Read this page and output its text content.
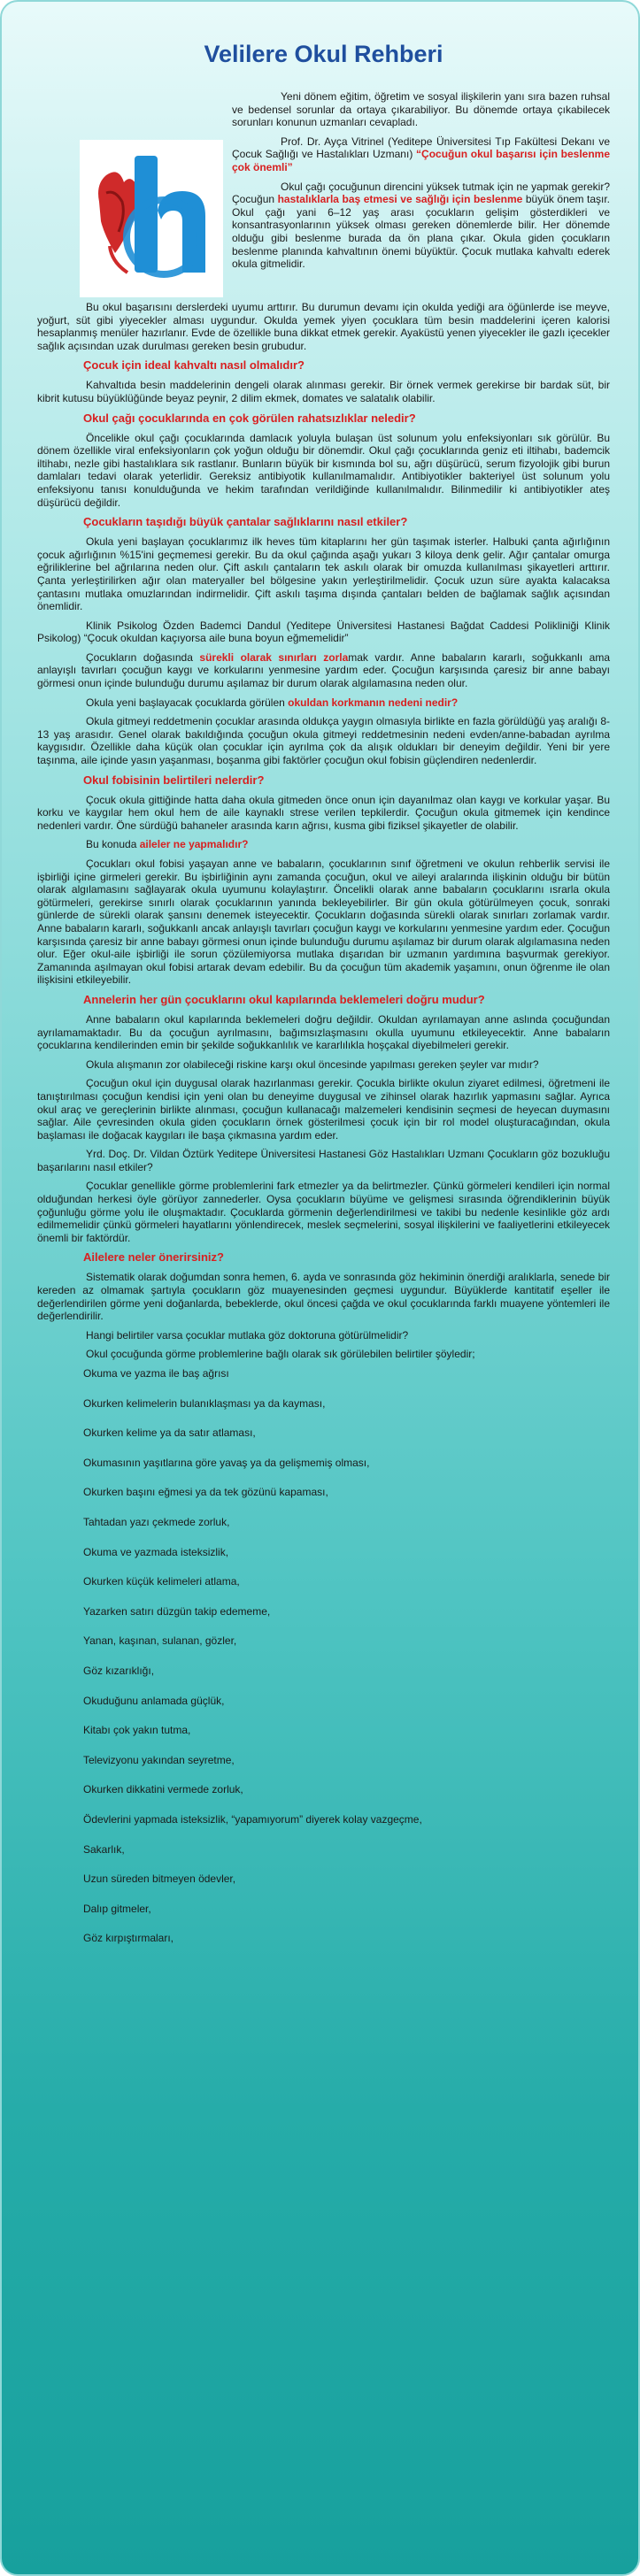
Velilere Okul Rehberi

Yeni dönem eğitim, öğretim ve sosyal ilişkilerin yanı sıra bazen ruhsal ve bedensel sorunlar da ortaya çıkarabiliyor. Bu dönemde ortaya çıkabilecek sorunları konunun uzmanları cevapladı.

Prof. Dr. Ayça Vitrinel (Yeditepe Üniversitesi Tıp Fakültesi Dekanı ve Çocuk Sağlığı ve Hastalıkları Uzmanı) “Çocuğun okul başarısı için beslenme çok önemli”

Okul çağı çocuğunun direncini yüksek tutmak için ne yapmak gerekir? Çocuğun hastalıklarla baş etmesi ve sağlığı için beslenme büyük önem taşır. Okul çağı yani 6–12 yaş arası çocukların gelişim gösterdikleri ve konsantrasyonlarının yüksek olması gereken dönemlerde bilir. Her dönemde olduğu gibi beslenme burada da ön plana çıkar. Okula giden çocukların beslenme planında kahvaltının önemi büyüktür. Çocuk mutlaka kahvaltı ederek okula gitmelidir.

Bu okul başarısını derslerdeki uyumu arttırır. Bu durumun devamı için okulda yediği ara öğünlerde ise meyve, yoğurt, süt gibi yiyecekler alması uygundur. Okulda yemek yiyen çocuklara tüm besin maddelerini içeren kalorisi hesaplanmış menüler hazırlanır. Evde de özellikle buna dikkat etmek gerekir. Ayaküstü yenen yiyecekler ile gazlı içecekler sağlık açısından uzak durulması gereken besin grubudur.

Çocuk için ideal kahvaltı nasıl olmalıdır?

Kahvaltıda besin maddelerinin dengeli olarak alınması gerekir. Bir örnek vermek gerekirse bir bardak süt, bir kibrit kutusu büyüklüğünde beyaz peynir, 2 dilim ekmek, domates ve salatalık olabilir.

Okul çağı çocuklarında en çok görülen rahatsızlıklar neledir?

Öncelikle okul çağı çocuklarında damlacık yoluyla bulaşan üst solunum yolu enfeksiyonları sık görülür. Bu dönem özellikle viral enfeksiyonların çok yoğun olduğu bir dönemdir. Okul çağı çocuklarında geniz eti iltihabı, bademcik iltihabı, nezle gibi hastalıklara sık rastlanır. Bunların büyük bir kısmında bol su, ağrı düşürücü, serum fizyolojik gibi burun damlaları tedavi olarak yeterlidir. Gereksiz antibiyotik kullanılmamalıdır. Antibiyotikler bakteriyel üst solunum yolu enfeksiyonu tanısı konulduğunda ve hekim tarafından verildiğinde kullanılmalıdır. Bilinmedilir ki antibiyotikler ateş düşürücü değildir.

Çocukların taşıdığı büyük çantalar sağlıklarını nasıl etkiler?

Okula yeni başlayan çocuklarımız ilk heves tüm kitaplarını her gün taşımak isterler. Halbuki çanta ağırlığının çocuk ağırlığının %15'ini geçmemesi gerekir. Bu da okul çağında aşağı yukarı 3 kiloya denk gelir. Ağır çantalar omurga eğriliklerine bel ağrılarına neden olur. Çift askılı çantaların tek askılı olarak bir omuzda kullanılması şikayetleri arttırır. Çanta yerleştirilirken ağır olan materyaller bel bölgesine yakın yerleştirilmelidir. Çocuk uzun süre ayakta kalacaksa çantasını mutlaka omuzlarından indirmelidir. Çift askılı taşıma dışında çantaları belden de bağlamak sağlık açısından önemlidir.

Klinik Psikolog Özden Bademci Dandul (Yeditepe Üniversitesi Hastanesi Bağdat Caddesi Polikliniği Klinik Psikolog) “Çocuk okuldan kaçıyorsa aile buna boyun eğmemelidir”

Çocukların doğasında sürekli olarak sınırları zorlamak vardır. Anne babaların kararlı, soğukkanlı ama anlayışlı tavırları çocuğun kaygı ve korkularını yenmesine yardım eder. Çocuğun karşısında çaresiz bir anne babayı görmesi onun içinde bulunduğu durumu aşılamaz bir durum olarak algılamasına neden olur.

Okula yeni başlayacak çocuklarda görülen okuldan korkmanın nedeni nedir?

Okula gitmeyi reddetmenin çocuklar arasında oldukça yaygın olmasıyla birlikte en fazla görüldüğü yaş aralığı 8-13 yaş arasıdır. Genel olarak bakıldığında çocuğun okula gitmeyi reddetmesinin nedeni evden/anne-babadan ayrılma kaygısıdır. Özellikle daha küçük olan çocuklar için ayrılma çok da alışık oldukları bir deneyim değildir. Yeni bir yere taşınma, aile içinde yasın yaşanması, boşanma gibi faktörler çocuğun okul fobisin güçlendiren nedenlerdir.

Okul fobisinin belirtileri nelerdir?

Çocuk okula gittiğinde hatta daha okula gitmeden önce onun için dayanılmaz olan kaygı ve korkular yaşar. Bu korku ve kaygılar hem okul hem de aile kaynaklı strese verilen tepkilerdir. Çocuğun okula gitmemek için kendince nedenleri vardır. Öne sürdüğü bahaneler arasında karın ağrısı, kusma gibi fiziksel şikayetler de olabilir.

Bu konuda aileler ne yapmalıdır?

Çocukları okul fobisi yaşayan anne ve babaların, çocuklarının sınıf öğretmeni ve okulun rehberlik servisi ile işbirliği içine girmeleri gerekir. Bu işbirliğinin aynı zamanda çocuğun, okul ve aileyi aralarında ilişkinin olduğu bir bütün olarak algılamasını sağlayarak okula uyumunu kolaylaştırır. Öncelikli olarak anne babaların çocuklarını ısrarla okula götürmeleri, gerekirse sınırlı olarak çocuklarının yanında bekleyebilirler. Bir gün okula götürülmeyen çocuk, sonraki günlerde de sürekli olarak şansını denemek isteyecektir. Çocukların doğasında sürekli olarak sınırları zorlamak vardır. Anne babaların kararlı, soğukkanlı ancak anlayışlı tavırları çocuğun kaygı ve korkularını yenmesine yardım eder. Çocuğun karşısında çaresiz bir anne babayı görmesi onun içinde bulunduğu durumu aşılamaz bir durum olarak algılamasına neden olur. Eğer okul-aile işbirliği ile sorun çözülemiyorsa mutlaka dışarıdan bir uzmanın yardımına başvurmak gerekiyor. Zamanında aşılmayan okul fobisi artarak devam edebilir. Bu da çocuğun tüm akademik yaşamını, onun öğrenme ile olan ilişkisini etkileyebilir.

Annelerin her gün çocuklarını okul kapılarında beklemeleri doğru mudur?

Anne babaların okul kapılarında beklemeleri doğru değildir. Okuldan ayrılamayan anne aslında çocuğundan ayrılamamaktadır. Bu da çocuğun ayrılmasını, bağımsızlaşmasını okulla uyumunu etkileyecektir. Anne babaların çocuklarına kendilerinden emin bir şekilde soğukkanlılık ve kararlılıkla hoşçakal diyebilmeleri gerekir.

Okula alışmanın zor olabileceği riskine karşı okul öncesinde yapılması gereken şeyler var mıdır?

Çocuğun okul için duygusal olarak hazırlanması gerekir. Çocukla birlikte okulun ziyaret edilmesi, öğretmeni ile tanıştırılması çocuğun kendisi için yeni olan bu deneyime duygusal ve zihinsel olarak hazırlık yapmasını sağlar. Ayrıca okul araç ve gereçlerinin birlikte alınması, çocuğun kullanacağı malzemeleri kendisinin seçmesi de heyecan duymasını sağlar. Aile çevresinden okula giden çocukların örnek gösterilmesi çocuk için bir rol model oluşturacağından, okula başlaması ile doğacak kaygıları ile başa çıkmasına yardım eder.

Yrd. Doç. Dr. Vildan Öztürk Yeditepe Üniversitesi Hastanesi Göz Hastalıkları Uzmanı Çocukların göz bozukluğu başarılarını nasıl etkiler?

Çocuklar genellikle görme problemlerini fark etmezler ya da belirtmezler. Çünkü görmeleri kendileri için normal olduğundan herkesi öyle görüyor zannederler. Oysa çocukların büyüme ve gelişmesi sırasında öğrendiklerinin büyük çoğunluğu görme yolu ile oluşmaktadır. Çocuklarda görmenin değerlendirilmesi ve takibi bu nedenle kesinlikle göz ardı edilmemelidir çünkü görmeleri hayatlarını yönlendirecek, meslek seçmelerini, sosyal ilişkilerini ve faaliyetlerini etkileyecek önemli bir faktördür.

Ailelere neler önerirsiniz?

Sistematik olarak doğumdan sonra hemen, 6. ayda ve sonrasında göz hekiminin önerdiği aralıklarla, senede bir kereden az olmamak şartıyla çocukların göz muayenesinden geçmesi uygundur. Büyüklerde kantitatif eşeller ile değerlendirilen görme yeni doğanlarda, bebeklerde, okul öncesi çağda ve okul çocuklarında farklı muayene yöntemleri ile değerlendirilir.

Hangi belirtiler varsa çocuklar mutlaka göz doktoruna götürülmelidir?

Okul çocuğunda görme problemlerine bağlı olarak sık görülebilen belirtiler şöyledir;

Okuma ve yazma ile baş ağrısı

Okurken kelimelerin bulanıklaşması ya da kayması,

Okurken kelime ya da satır atlaması,

Okumasının yaşıtlarına göre yavaş ya da gelişmemiş olması,

Okurken başını eğmesi ya da tek gözünü kapaması,

Tahtadan yazı çekmede zorluk,

Okuma ve yazmada isteksizlik,

Okurken küçük kelimeleri atlama,

Yazarken satırı düzgün takip edememe,

Yanan, kaşınan, sulanan, gözler,

Göz kızarıklığı,

Okuduğunu anlamada güçlük,

Kitabı çok yakın tutma,

Televizyonu yakından seyretme,

Okurken dikkatini vermede zorluk,

Ödevlerini yapmada isteksizlik, “yapamıyorum” diyerek kolay vazgeçme,

Sakarlık,

Uzun süreden bitmeyen ödevler,

Dalıp gitmeler,

Göz kırpıştırmaları,
